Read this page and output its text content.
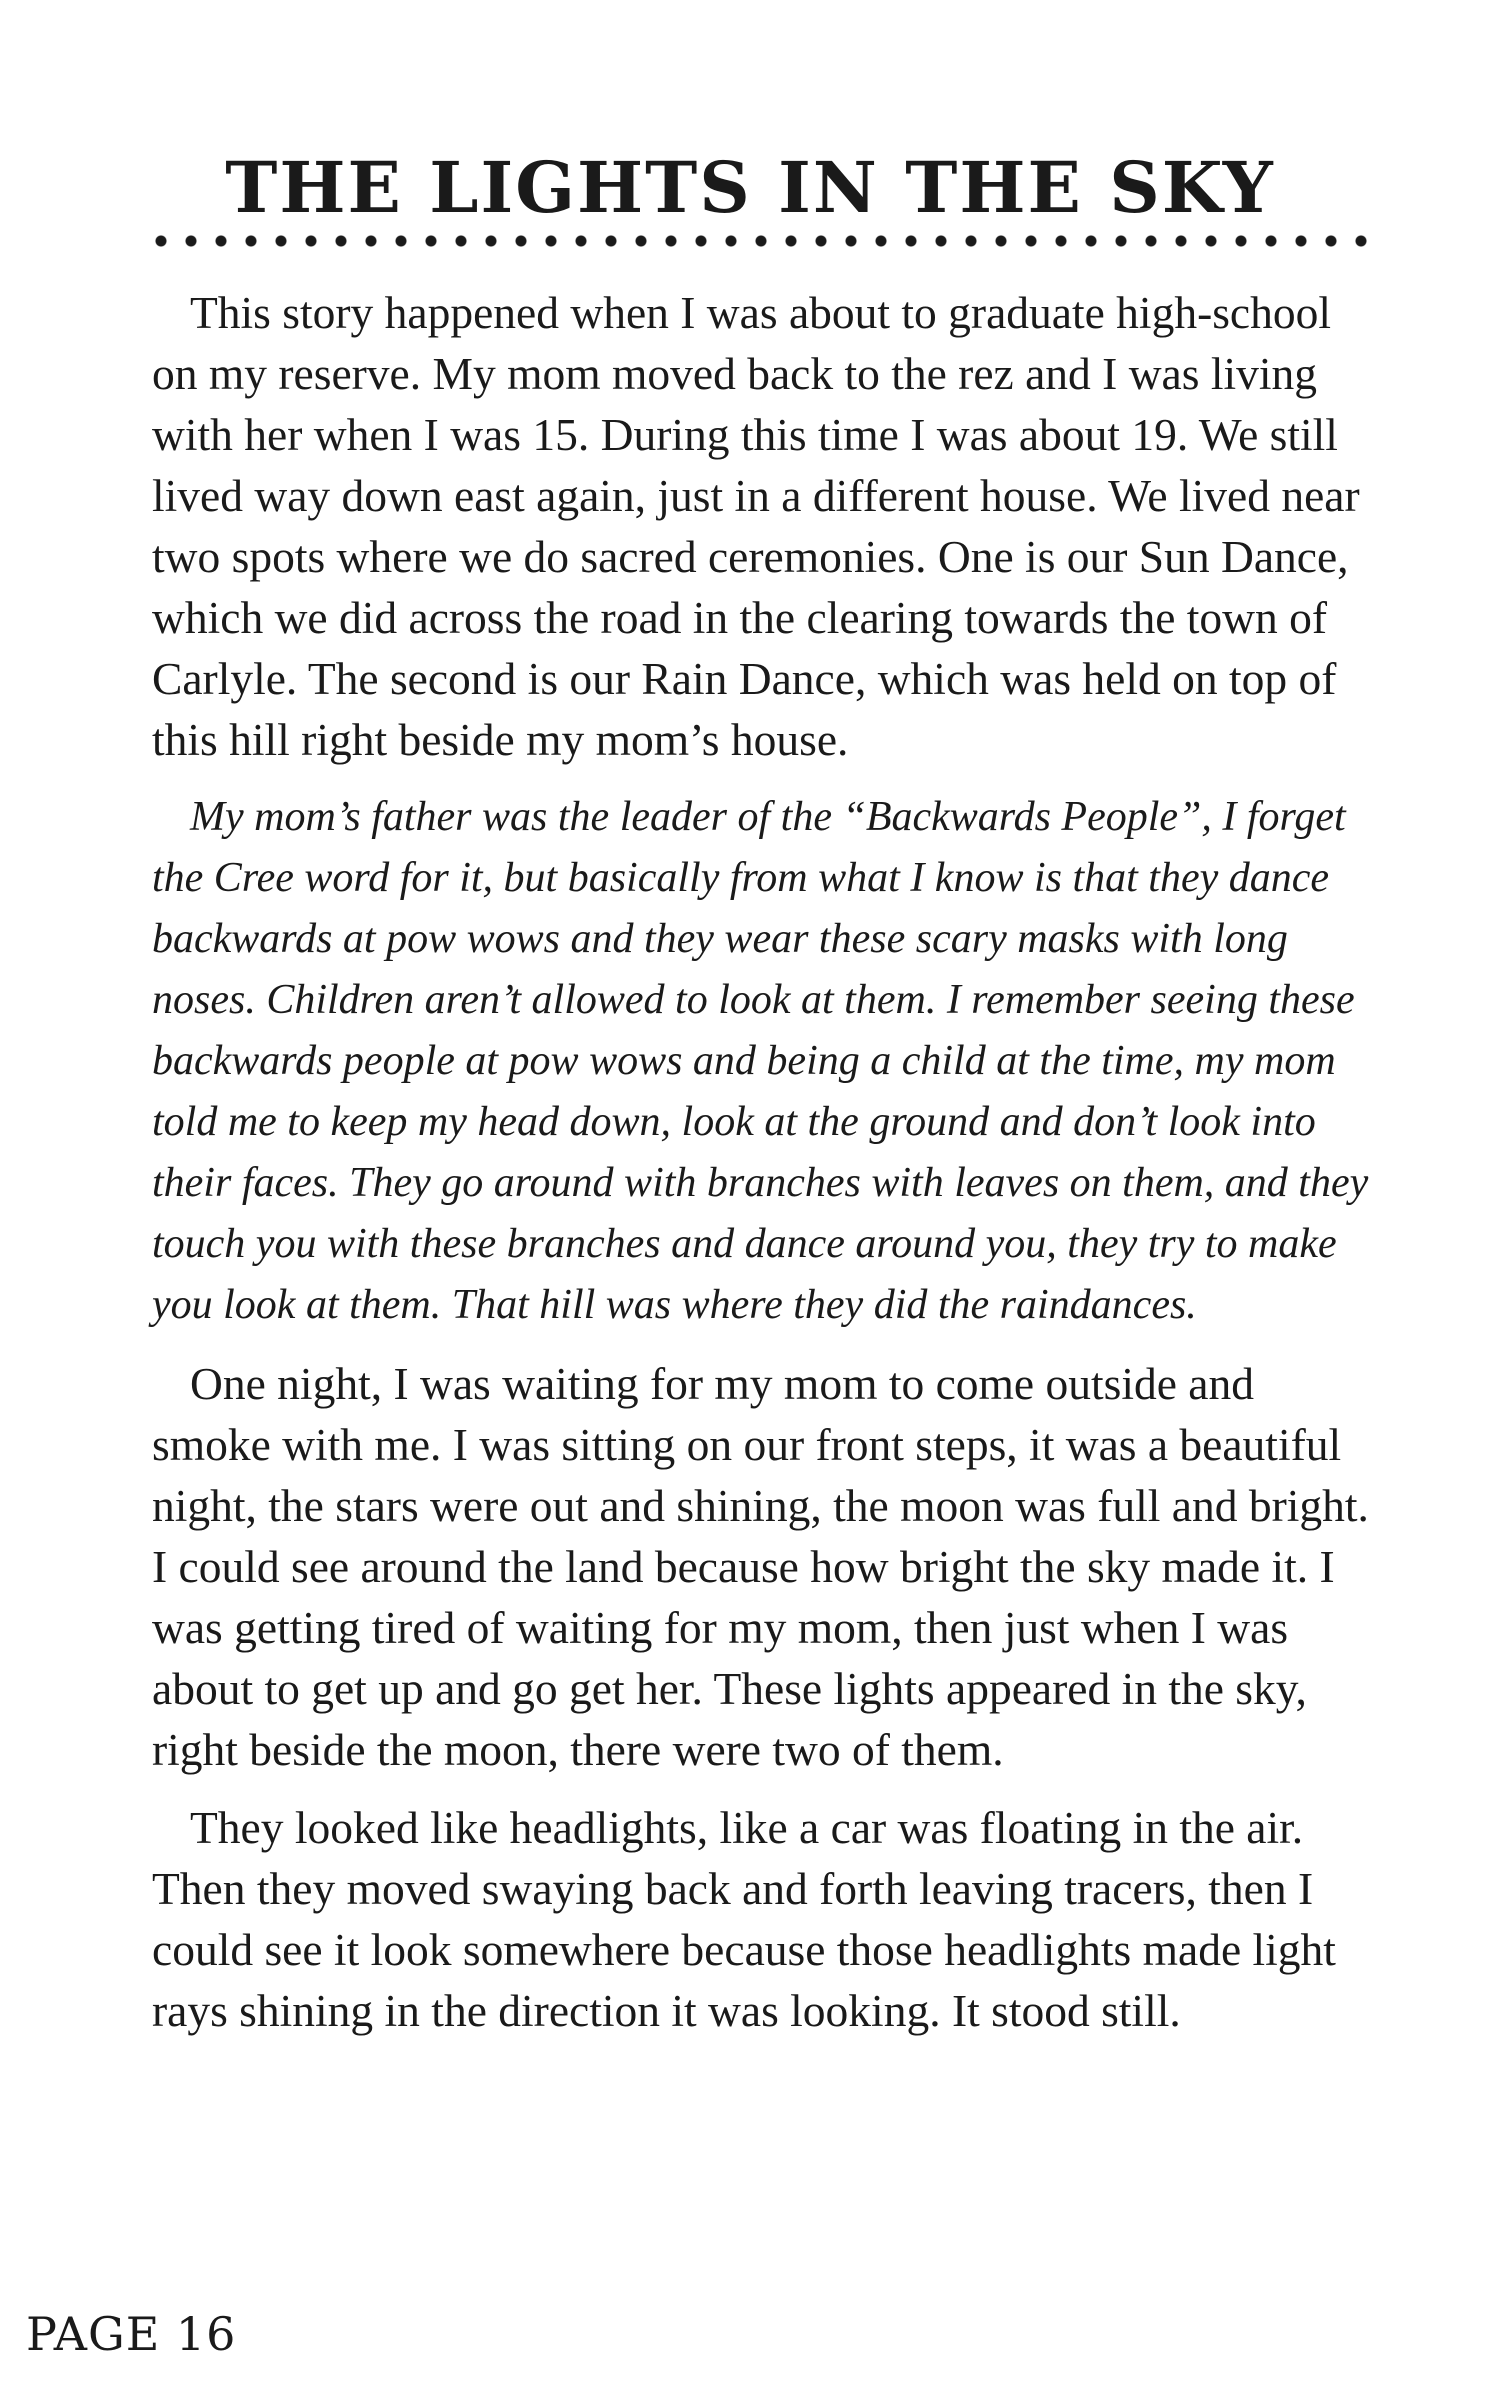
THE LIGHTS IN THE SKY

This story happened when I was about to graduate high-school on my reserve. My mom moved back to the rez and I was living with her when I was 15. During this time I was about 19. We still lived way down east again, just in a different house. We lived near two spots where we do sacred ceremonies. One is our Sun Dance, which we did across the road in the clearing towards the town of Carlyle. The second is our Rain Dance, which was held on top of this hill right beside my mom’s house.

My mom’s father was the leader of the “Backwards People”, I forget the Cree word for it, but basically from what I know is that they dance backwards at pow wows and they wear these scary masks with long noses. Children aren’t allowed to look at them. I remember seeing these backwards people at pow wows and being a child at the time, my mom told me to keep my head down, look at the ground and don’t look into their faces. They go around with branches with leaves on them, and they touch you with these branches and dance around you, they try to make you look at them. That hill was where they did the raindances.

One night, I was waiting for my mom to come outside and smoke with me. I was sitting on our front steps, it was a beautiful night, the stars were out and shining, the moon was full and bright. I could see around the land because how bright the sky made it. I was getting tired of waiting for my mom, then just when I was about to get up and go get her. These lights appeared in the sky, right beside the moon, there were two of them.

They looked like headlights, like a car was floating in the air. Then they moved swaying back and forth leaving tracers, then I could see it look somewhere because those headlights made light rays shining in the direction it was looking. It stood still.

PAGE 16
